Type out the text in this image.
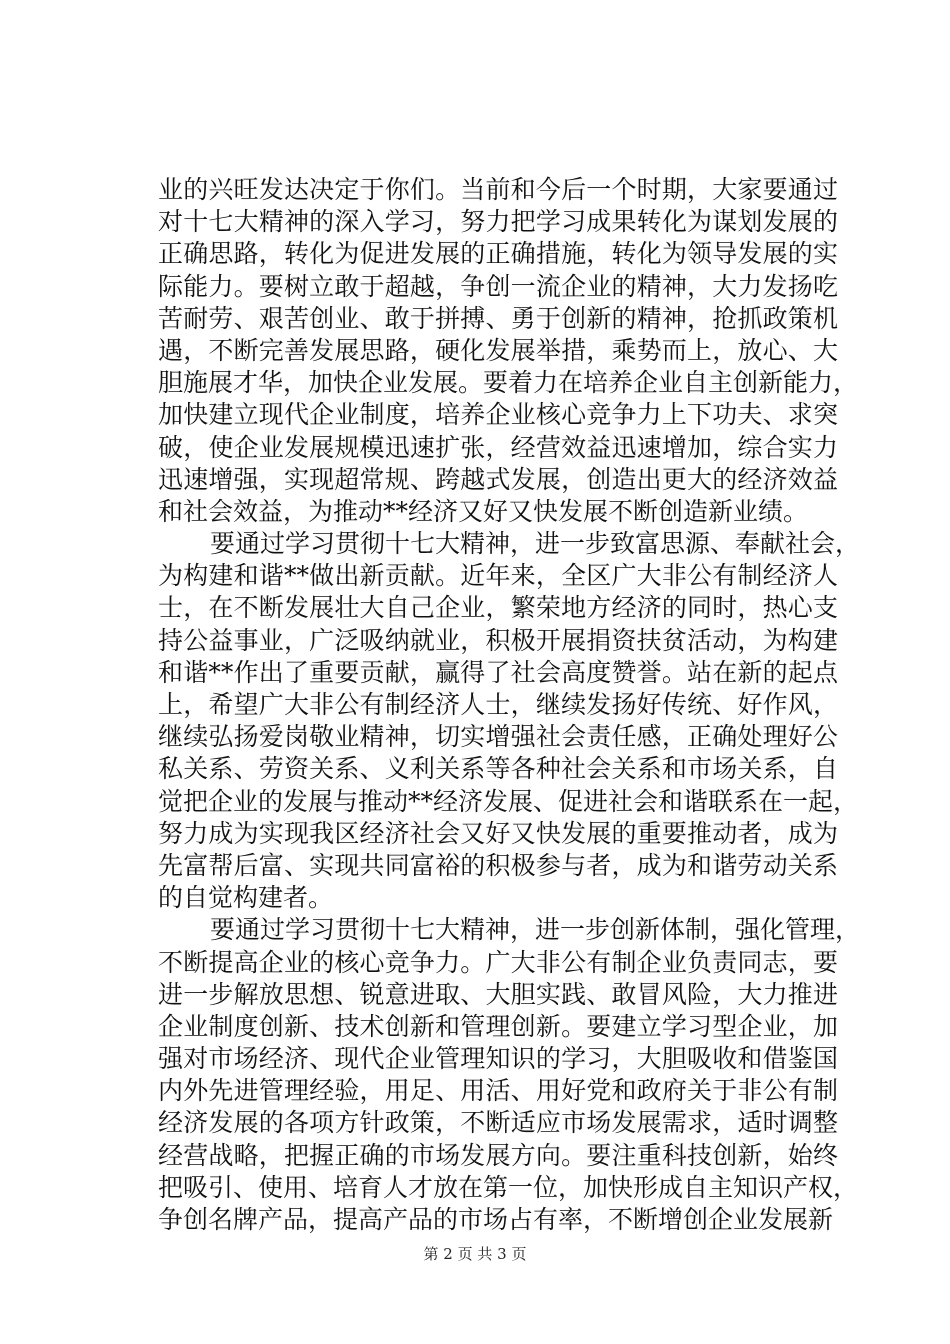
业的兴旺发达决定于你们。当前和今后一个时期，大家要通过
对十七大精神的深入学习，努力把学习成果转化为谋划发展的
正确思路，转化为促进发展的正确措施，转化为领导发展的实
际能力。要树立敢于超越，争创一流企业的精神，大力发扬吃
苦耐劳、艰苦创业、敢于拼搏、勇于创新的精神，抢抓政策机
遇，不断完善发展思路，硬化发展举措，乘势而上，放心、大
胆施展才华，加快企业发展。要着力在培养企业自主创新能力，
加快建立现代企业制度，培养企业核心竞争力上下功夫、求突
破，使企业发展规模迅速扩张，经营效益迅速增加，综合实力
迅速增强，实现超常规、跨越式发展，创造出更大的经济效益
和社会效益，为推动**经济又好又快发展不断创造新业绩。
要通过学习贯彻十七大精神，进一步致富思源、奉献社会，
为构建和谐**做出新贡献。近年来，全区广大非公有制经济人
士，在不断发展壮大自己企业，繁荣地方经济的同时，热心支
持公益事业，广泛吸纳就业，积极开展捐资扶贫活动，为构建
和谐**作出了重要贡献，赢得了社会高度赞誉。站在新的起点
上，希望广大非公有制经济人士，继续发扬好传统、好作风，
继续弘扬爱岗敬业精神，切实增强社会责任感，正确处理好公
私关系、劳资关系、义利关系等各种社会关系和市场关系，自
觉把企业的发展与推动**经济发展、促进社会和谐联系在一起，
努力成为实现我区经济社会又好又快发展的重要推动者，成为
先富帮后富、实现共同富裕的积极参与者，成为和谐劳动关系
的自觉构建者。
要通过学习贯彻十七大精神，进一步创新体制，强化管理，
不断提高企业的核心竞争力。广大非公有制企业负责同志，要
进一步解放思想、锐意进取、大胆实践、敢冒风险，大力推进
企业制度创新、技术创新和管理创新。要建立学习型企业，加
强对市场经济、现代企业管理知识的学习，大胆吸收和借鉴国
内外先进管理经验，用足、用活、用好党和政府关于非公有制
经济发展的各项方针政策，不断适应市场发展需求，适时调整
经营战略，把握正确的市场发展方向。要注重科技创新，始终
把吸引、使用、培育人才放在第一位，加快形成自主知识产权，
争创名牌产品，提高产品的市场占有率，不断增创企业发展新
第 2 页 共 3 页
